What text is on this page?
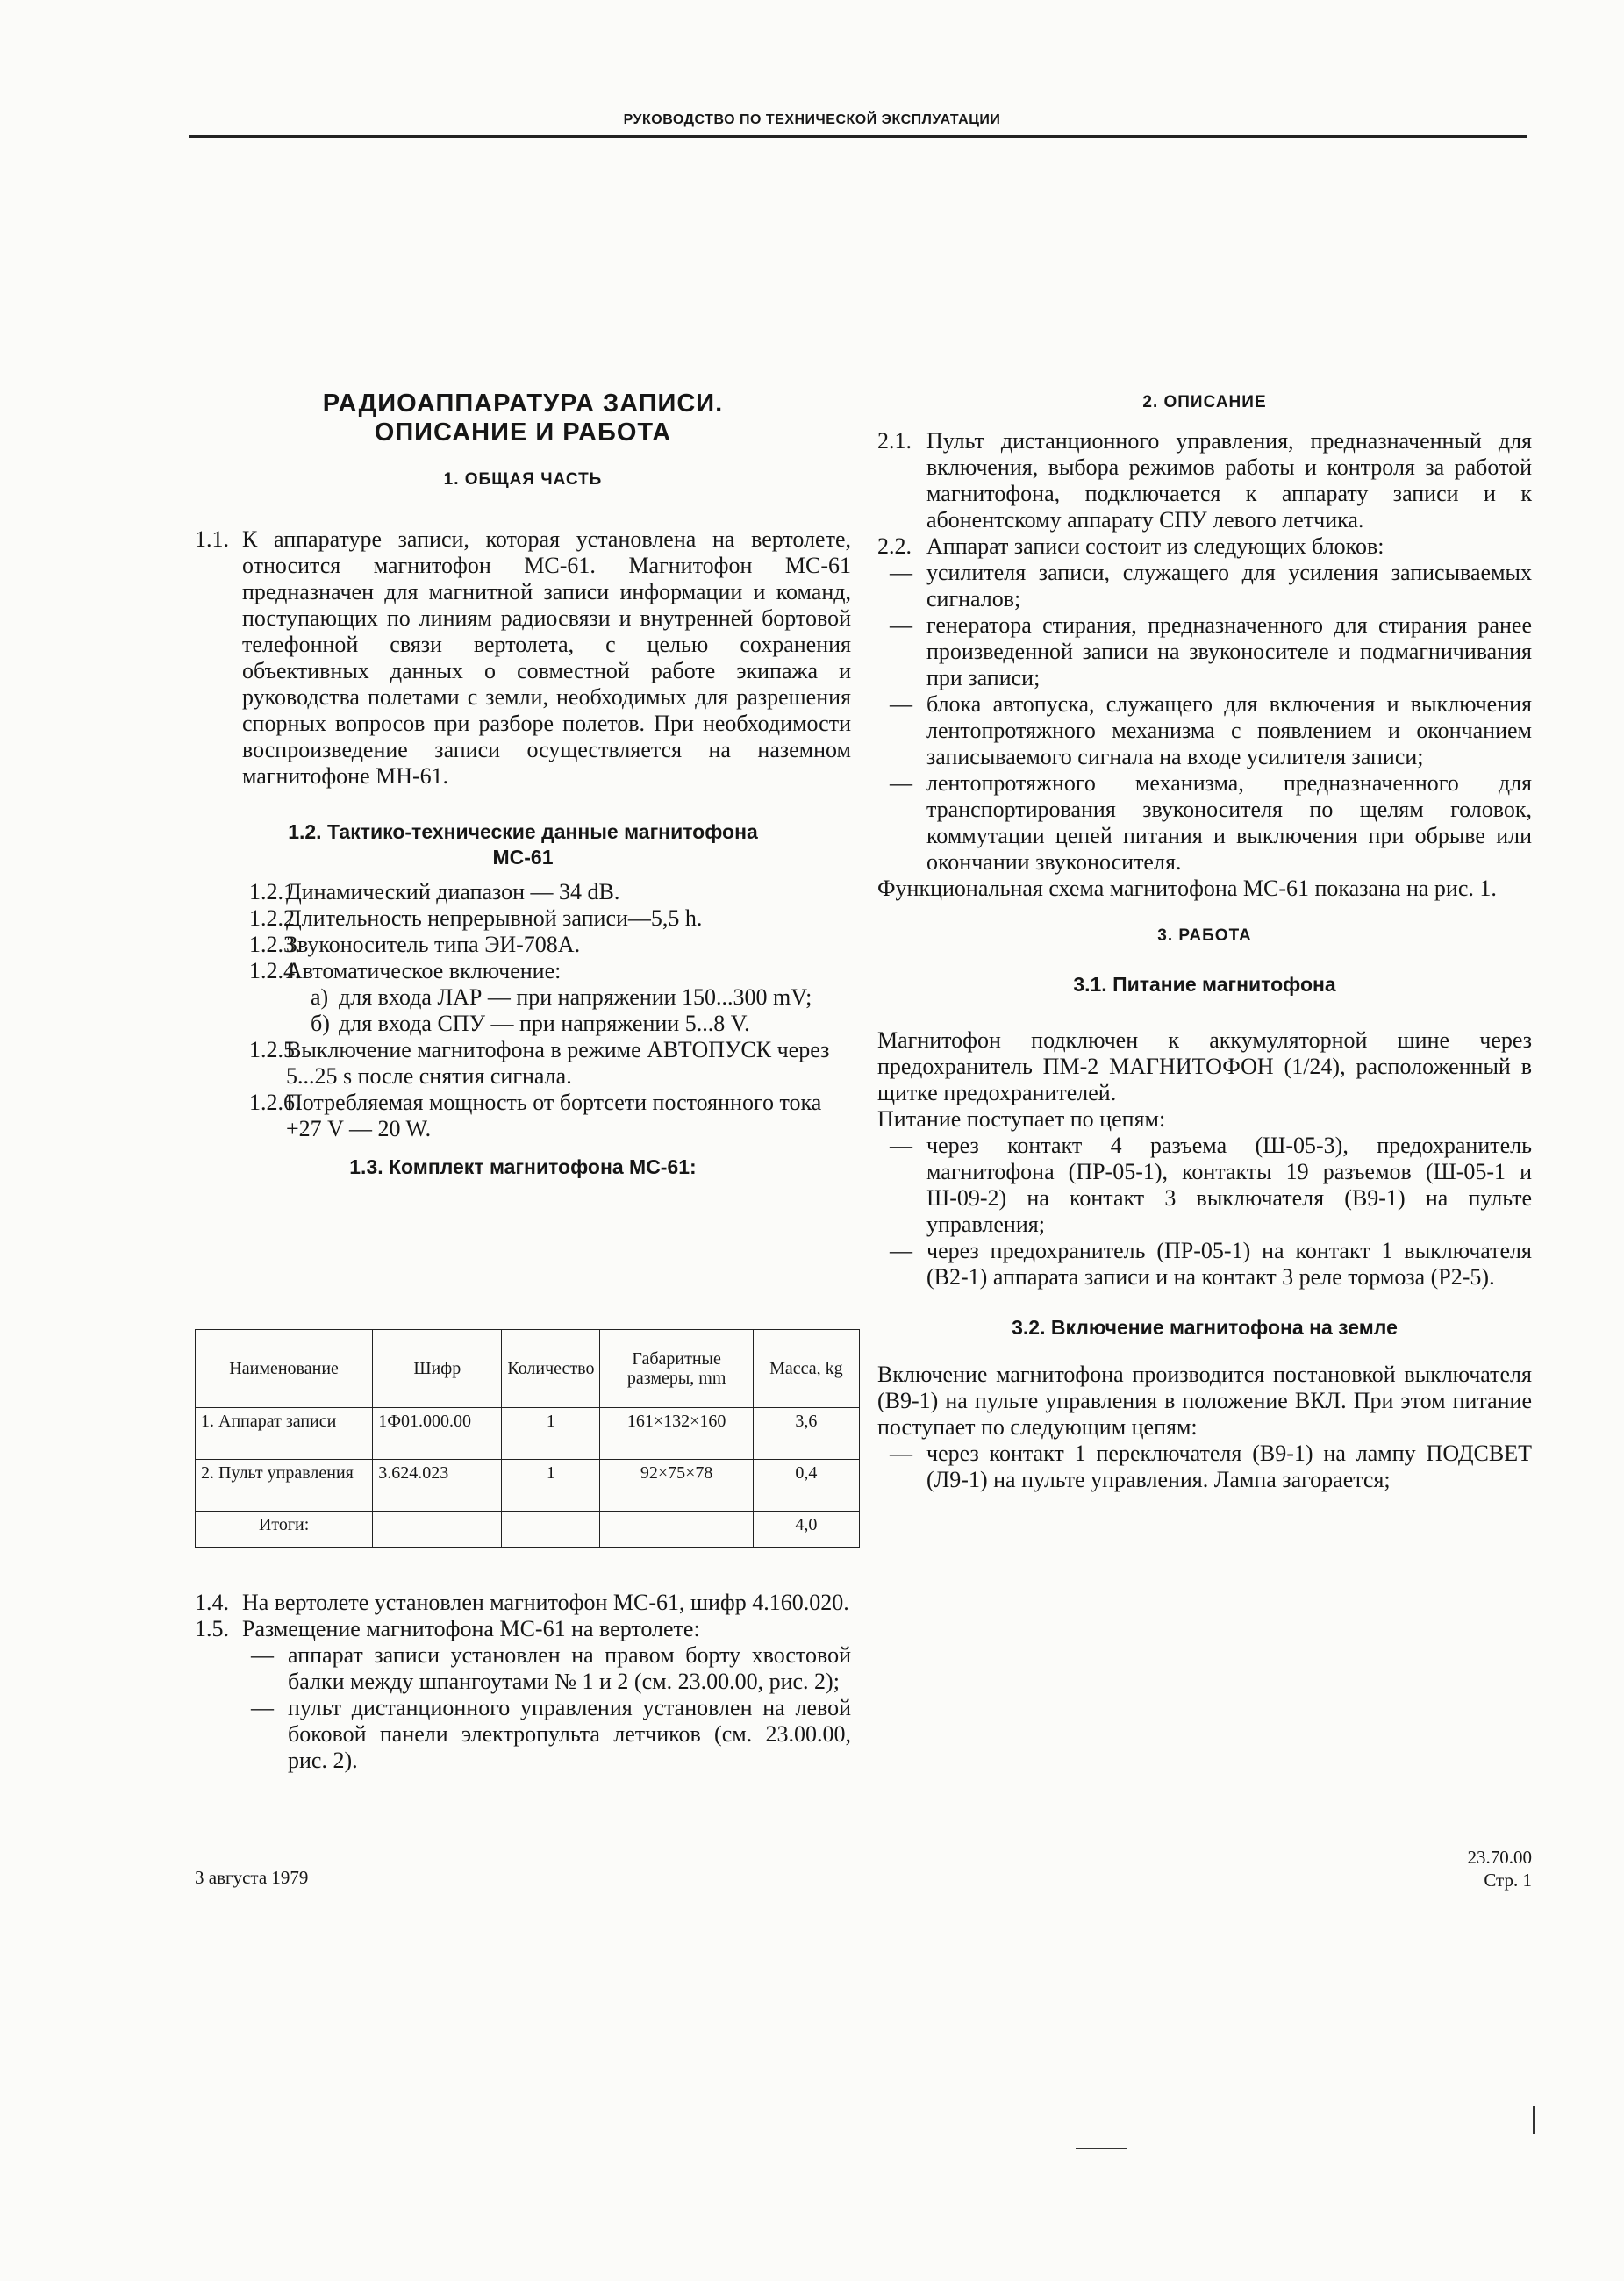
РУКОВОДСТВО ПО ТЕХНИЧЕСКОЙ ЭКСПЛУАТАЦИИ
РАДИОАППАРАТУРА ЗАПИСИ.
ОПИСАНИЕ И РАБОТА
1. ОБЩАЯ ЧАСТЬ
1.1. К аппаратуре записи, которая установлена на вертолете, относится магнитофон МС-61. Магнитофон МС-61 предназначен для магнитной записи информации и команд, поступающих по линиям радиосвязи и внутренней бортовой телефонной связи вертолета, с целью сохранения объективных данных о совместной работе экипажа и руководства полетами с земли, необходимых для разрешения спорных вопросов при разборе полетов. При необходимости воспроизведение записи осуществляется на наземном магнитофоне МН-61.
1.2. Тактико-технические данные магнитофона
МС-61
1.2.1.
Динамический диапазон — 34 dB.
1.2.2.
Длительность непрерывной записи—5,5 h.
1.2.3.
Звуконоситель типа ЭИ-708А.
1.2.4.
Автоматическое включение:
а) для входа ЛАР — при напряжении 150...300 mV;
б) для входа СПУ — при напряжении 5...8 V.
1.2.5.
Выключение магнитофона в режиме АВТОПУСК через 5...25 s после снятия сигнала.
1.2.6.
Потребляемая мощность от бортсети постоянного тока +27 V — 20 W.
1.3. Комплект магнитофона МС-61:
Наименование	Шифр	Количество	Габаритные размеры, mm	Масса, kg
1. Аппарат записи	1Ф01.000.00	1	161×132×160	3,6
2. Пульт управления	3.624.023	1	92×75×78	0,4
Итоги:				4,0
1.4. На вертолете установлен магнитофон МС-61, шифр 4.160.020.
1.5. Размещение магнитофона МС-61 на вертолете:
— аппарат записи установлен на правом борту хвостовой балки между шпангоутами № 1 и 2 (см. 23.00.00, рис. 2);
— пульт дистанционного управления установлен на левой боковой панели электропульта летчиков (см. 23.00.00, рис. 2).
3 августа 1979
2. ОПИСАНИЕ
2.1. Пульт дистанционного управления, предназначенный для включения, выбора режимов работы и контроля за работой магнитофона, подключается к аппарату записи и к абонентскому аппарату СПУ левого летчика.
2.2. Аппарат записи состоит из следующих блоков:
— усилителя записи, служащего для усиления записываемых сигналов;
— генератора стирания, предназначенного для стирания ранее произведенной записи на звуконосителе и подмагничивания при записи;
— блока автопуска, служащего для включения и выключения лентопротяжного механизма с появлением и окончанием записываемого сигнала на входе усилителя записи;
— лентопротяжного механизма, предназначенного для транспортирования звуконосителя по щелям головок, коммутации цепей питания и выключения при обрыве или окончании звуконосителя.
Функциональная схема магнитофона МС-61 показана на рис. 1.
3. РАБОТА
3.1. Питание магнитофона
Магнитофон подключен к аккумуляторной шине через предохранитель ПМ-2 МАГНИТОФОН (1/24), расположенный в щитке предохранителей.
Питание поступает по цепям:
— через контакт 4 разъема (Ш-05-3), предохранитель магнитофона (ПР-05-1), контакты 19 разъемов (Ш-05-1 и Ш-09-2) на контакт 3 выключателя (В9-1) на пульте управления;
— через предохранитель (ПР-05-1) на контакт 1 выключателя (В2-1) аппарата записи и на контакт 3 реле тормоза (Р2-5).
3.2. Включение магнитофона на земле
Включение магнитофона производится постановкой выключателя (В9-1) на пульте управления в положение ВКЛ. При этом питание поступает по следующим цепям:
— через контакт 1 переключателя (В9-1) на лампу ПОДСВЕТ (Л9-1) на пульте управления. Лампа загорается;
23.70.00
Стр. 1
